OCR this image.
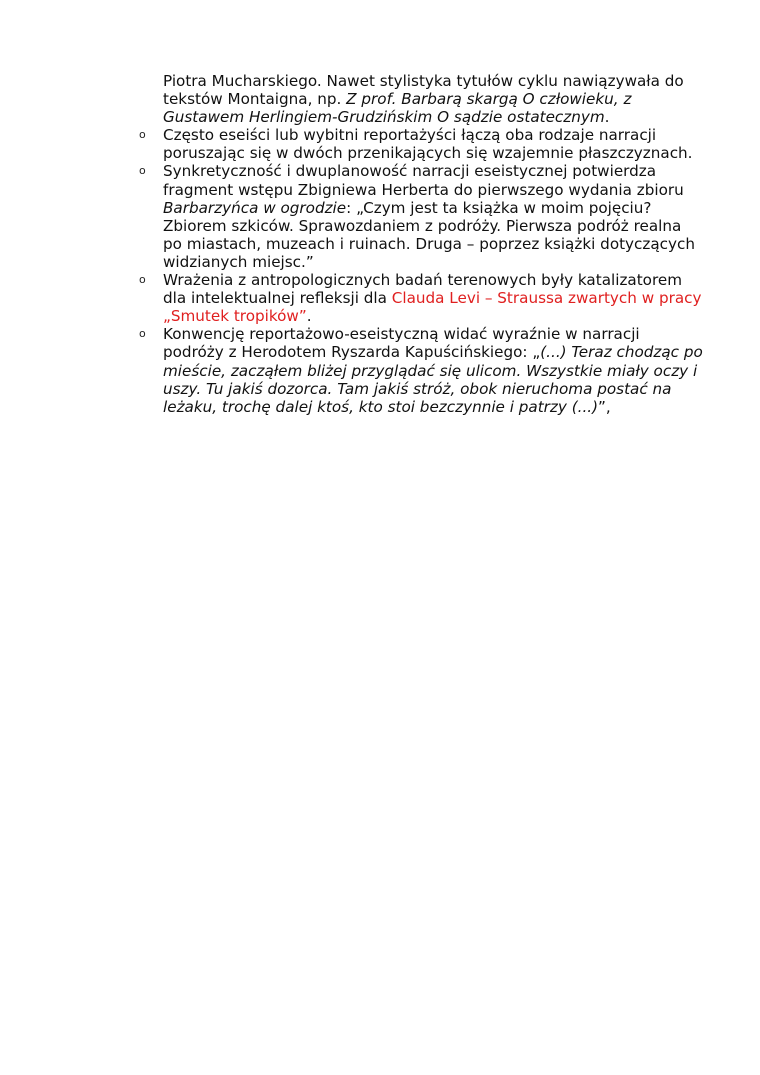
Piotra Mucharskiego. Nawet stylistyka tytułów cyklu nawiązywała do tekstów Montaigna, np. Z prof. Barbarą skargą O człowieku, z Gustawem Herlingiem-Grudzińskim O sądzie ostatecznym.

o Często eseiści lub wybitni reportażyści łączą oba rodzaje narracji poruszając się w dwóch przenikających się wzajemnie płaszczyznach.

o Synkretyczność i dwuplanowość narracji eseistycznej potwierdza fragment wstępu Zbigniewa Herberta do pierwszego wydania zbioru Barbarzyńca w ogrodzie: „Czym jest ta książka w moim pojęciu? Zbiorem szkiców. Sprawozdaniem z podróży. Pierwsza podróż realna po miastach, muzeach i ruinach. Druga – poprzez książki dotyczących widzianych miejsc.”

o Wrażenia z antropologicznych badań terenowych były katalizatorem dla intelektualnej refleksji dla Clauda Levi – Straussa zwartych w pracy „Smutek tropików”.

o Konwencję reportażowo-eseistyczną widać wyraźnie w narracji podróży z Herodotem Ryszarda Kapuścińskiego: „(...) Teraz chodząc po mieście, zacząłem bliżej przyglądać się ulicom. Wszystkie miały oczy i uszy. Tu jakiś dozorca. Tam jakiś stróż, obok nieruchoma postać na leżaku, trochę dalej ktoś, kto stoi bezczynnie i patrzy (...)”,
